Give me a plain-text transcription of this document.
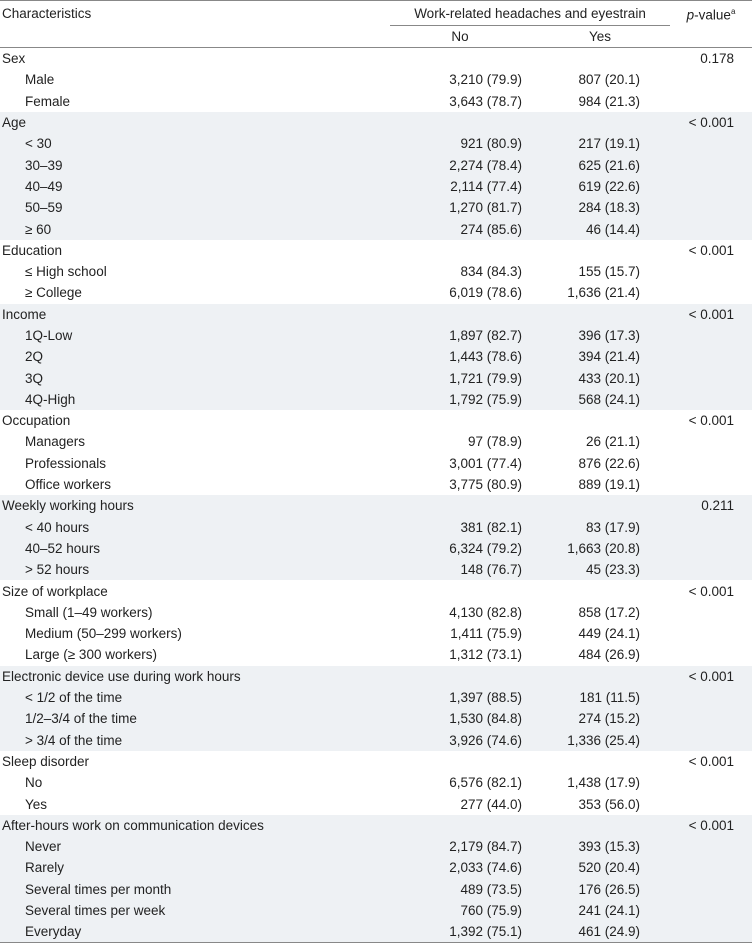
Characteristics	Work-related headaches and eyestrain		p-value$^a$
	No	Yes	
Sex			0.178
Male	3,210 (79.9)	807 (20.1)	
Female	3,643 (78.7)	984 (21.3)	
Age			< 0.001
< 30	921 (80.9)	217 (19.1)	
30–39	2,274 (78.4)	625 (21.6)	
40–49	2,114 (77.4)	619 (22.6)	
50–59	1,270 (81.7)	284 (18.3)	
≥ 60	274 (85.6)	46 (14.4)	
Education			< 0.001
≤ High school	834 (84.3)	155 (15.7)	
≥ College	6,019 (78.6)	1,636 (21.4)	
Income			< 0.001
1Q-Low	1,897 (82.7)	396 (17.3)	
2Q	1,443 (78.6)	394 (21.4)	
3Q	1,721 (79.9)	433 (20.1)	
4Q-High	1,792 (75.9)	568 (24.1)	
Occupation			< 0.001
Managers	97 (78.9)	26 (21.1)	
Professionals	3,001 (77.4)	876 (22.6)	
Office workers	3,775 (80.9)	889 (19.1)	
Weekly working hours			0.211
< 40 hours	381 (82.1)	83 (17.9)	
40–52 hours	6,324 (79.2)	1,663 (20.8)	
> 52 hours	148 (76.7)	45 (23.3)	
Size of workplace			< 0.001
Small (1–49 workers)	4,130 (82.8)	858 (17.2)	
Medium (50–299 workers)	1,411 (75.9)	449 (24.1)	
Large (≥ 300 workers)	1,312 (73.1)	484 (26.9)	
Electronic device use during work hours			< 0.001
< 1/2 of the time	1,397 (88.5)	181 (11.5)	
1/2–3/4 of the time	1,530 (84.8)	274 (15.2)	
> 3/4 of the time	3,926 (74.6)	1,336 (25.4)	
Sleep disorder			< 0.001
No	6,576 (82.1)	1,438 (17.9)	
Yes	277 (44.0)	353 (56.0)	
After-hours work on communication devices			< 0.001
Never	2,179 (84.7)	393 (15.3)	
Rarely	2,033 (74.6)	520 (20.4)	
Several times per month	489 (73.5)	176 (26.5)	
Several times per week	760 (75.9)	241 (24.1)	
Everyday	1,392 (75.1)	461 (24.9)	
